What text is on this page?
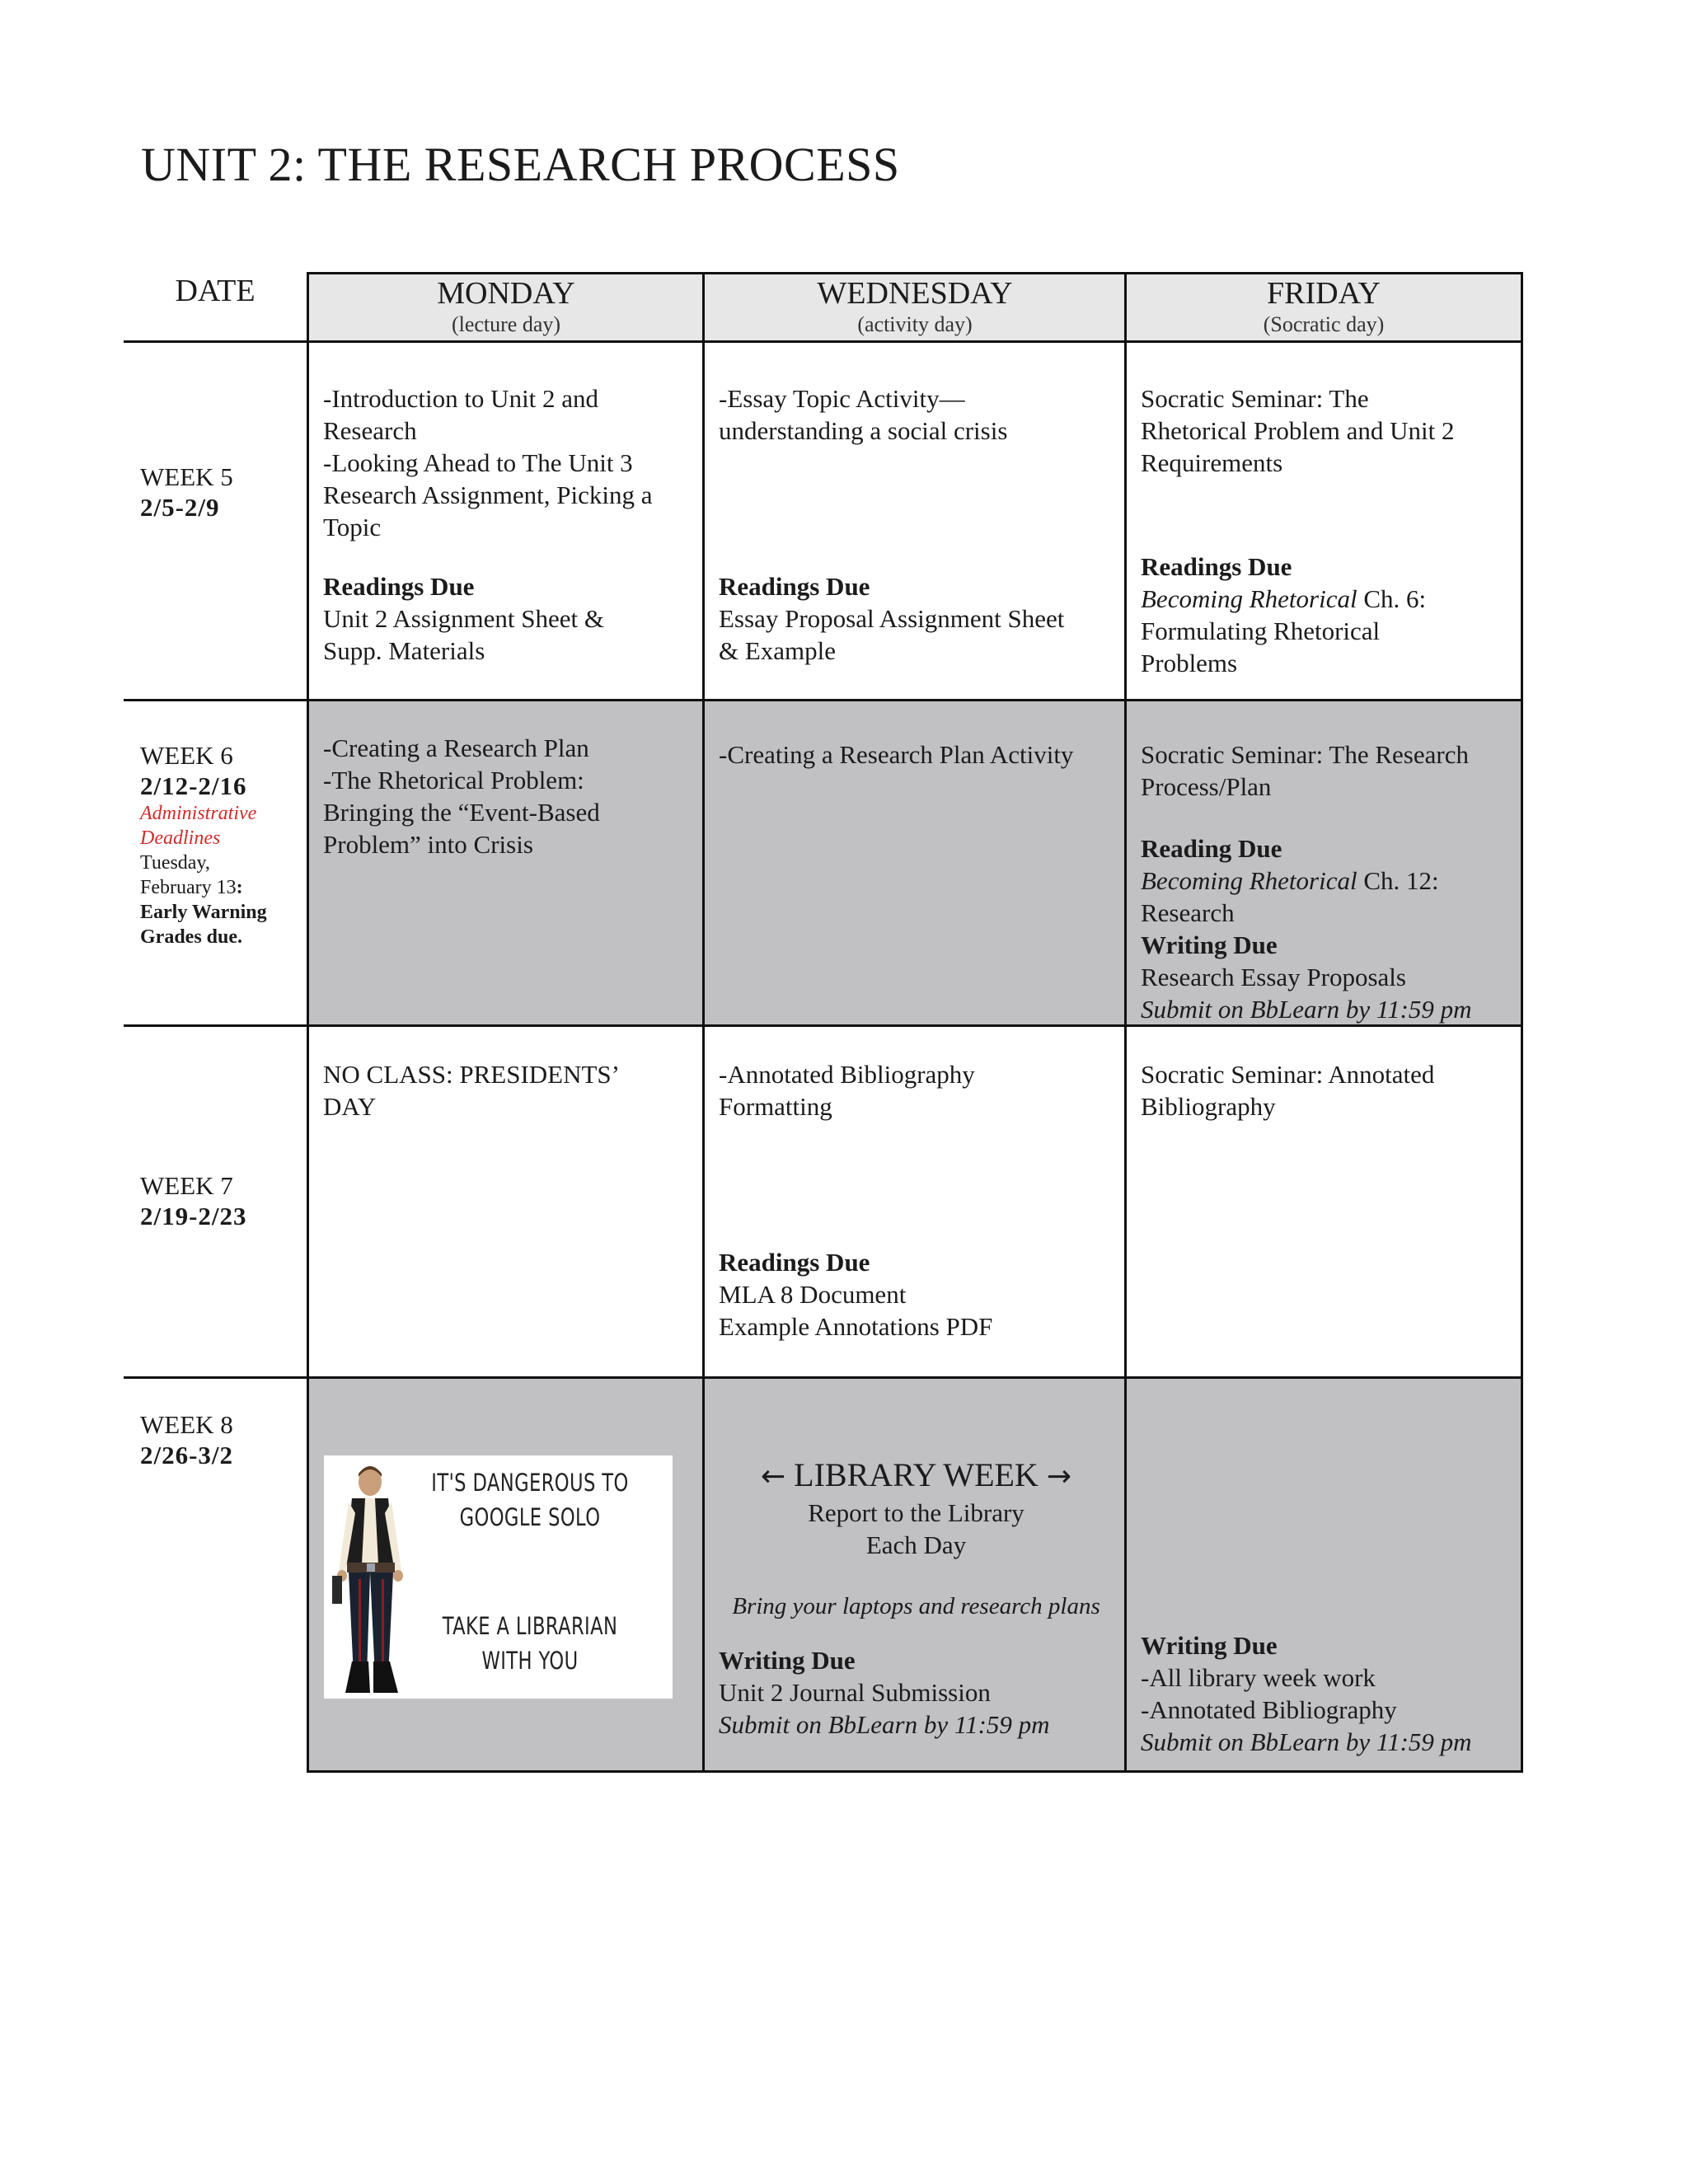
UNIT 2: THE RESEARCH PROCESS
DATE	MONDAY
(lecture day)
WEDNESDAY
(activity day)
FRIDAY
(Socratic day)
WEEK 5
2/5-2/9
-Introduction to Unit 2 and
Research
-Looking Ahead to The Unit 3
Research Assignment, Picking a
Topic
Readings Due
Unit 2 Assignment Sheet &
Supp. Materials
-Essay Topic Activity—
understanding a social crisis
Readings Due
Essay Proposal Assignment Sheet
& Example
Socratic Seminar: The
Rhetorical Problem and Unit 2
Requirements
Readings Due
Becoming Rhetorical Ch. 6:
Formulating Rhetorical
Problems
WEEK 6
2/12-2/16
Administrative
Deadlines
Tuesday,
February 13:
Early Warning
Grades due.
-Creating a Research Plan
-The Rhetorical Problem:
Bringing the “Event-Based
Problem” into Crisis
-Creating a Research Plan Activity	Socratic Seminar: The Research
Process/Plan
Reading Due
Becoming Rhetorical Ch. 12:
Research
Writing Due
Research Essay Proposals
Submit on BbLearn by 11:59 pm
WEEK 7
2/19-2/23
NO CLASS: PRESIDENTS’
DAY
-Annotated Bibliography
Formatting
Readings Due
MLA 8 Document
Example Annotations PDF
Socratic Seminar: Annotated
Bibliography
WEEK 8
2/26-3/2
IT'S DANGEROUS TO
GOOGLE SOLO
TAKE A LIBRARIAN
WITH YOU
← LIBRARY WEEK →
Report to the Library
Each Day
Bring your laptops and research plans
Writing Due
Unit 2 Journal Submission
Submit on BbLearn by 11:59 pm
Writing Due
-All library week work
-Annotated Bibliography
Submit on BbLearn by 11:59 pm
